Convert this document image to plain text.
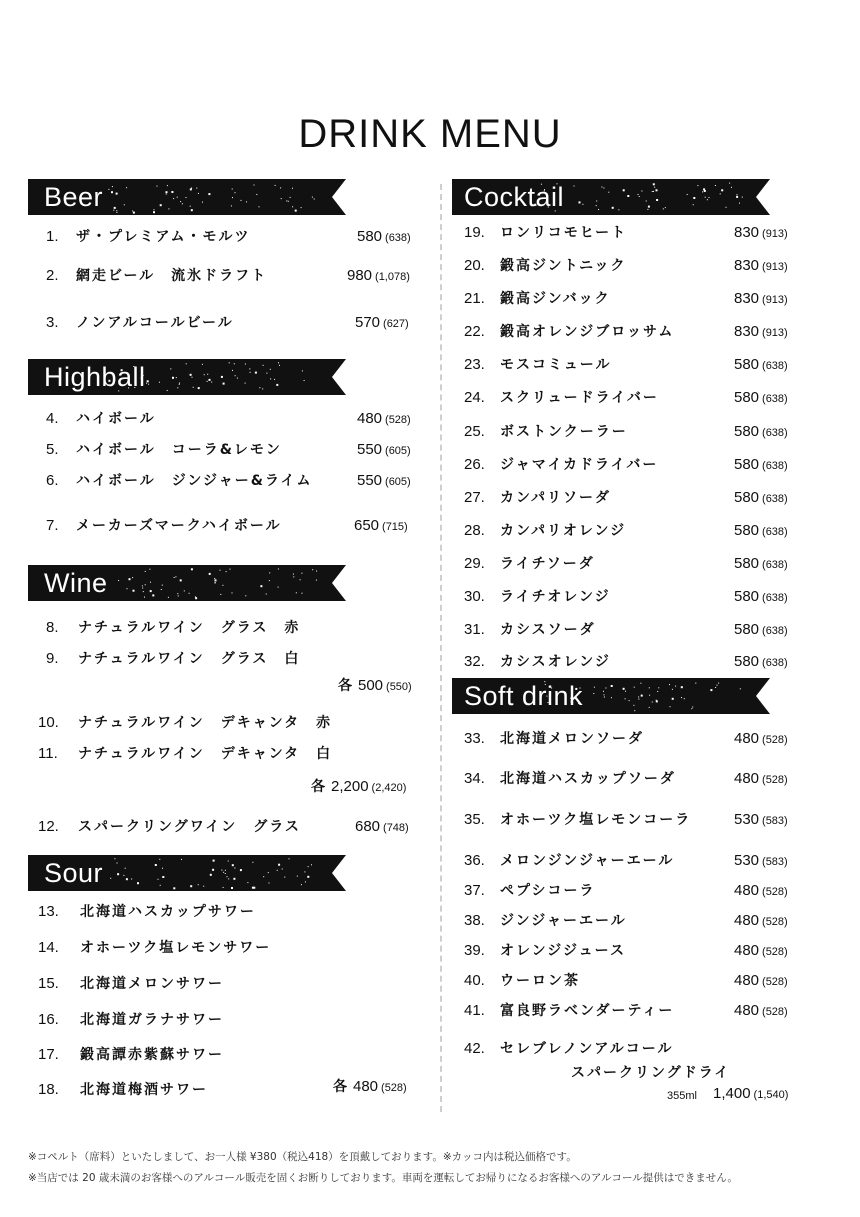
DRINK MENU
Beer
1. ザ・プレミアム・モルツ	580 (638)
2. 網走ビール　流氷ドラフト	980 (1,078)
3. ノンアルコールビール	570 (627)
Highball
4. ハイボール	480 (528)
5. ハイボール　コーラ&レモン	550 (605)
6. ハイボール　ジンジャー&ライム	550 (605)
7. メーカーズマークハイボール	650 (715)
Wine
8. ナチュラルワイン　グラス　赤
9. ナチュラルワイン　グラス　白
各 500 (550)
10. ナチュラルワイン　デキャンタ　赤
11. ナチュラルワイン　デキャンタ　白
各 2,200 (2,420)
12. スパークリングワイン　グラス	680 (748)
Sour
13. 北海道ハスカップサワー
14. オホーツク塩レモンサワー
15. 北海道メロンサワー
16. 北海道ガラナサワー
17. 鍛高譚赤紫蘇サワー
18. 北海道梅酒サワー	各 480 (528)
Cocktail
19. ロンリコモヒート	830 (913)
20. 鍛高ジントニック	830 (913)
21. 鍛高ジンバック	830 (913)
22. 鍛高オレンジブロッサム	830 (913)
23. モスコミュール	580 (638)
24. スクリュードライバー	580 (638)
25. ボストンクーラー	580 (638)
26. ジャマイカドライバー	580 (638)
27. カンパリソーダ	580 (638)
28. カンパリオレンジ	580 (638)
29. ライチソーダ	580 (638)
30. ライチオレンジ	580 (638)
31. カシスソーダ	580 (638)
32. カシスオレンジ	580 (638)
Soft drink
33. 北海道メロンソーダ	480 (528)
34. 北海道ハスカップソーダ	480 (528)
35. オホーツク塩レモンコーラ	530 (583)
36. メロンジンジャーエール	530 (583)
37. ペプシコーラ	480 (528)
38. ジンジャーエール	480 (528)
39. オレンジジュース	480 (528)
40. ウーロン茶	480 (528)
41. 富良野ラベンダーティー	480 (528)
42. セレブレノンアルコール
スパークリングドライ
355ml 1,400 (1,540)
※コペルト（席料）といたしまして、お一人様 ¥380（税込418）を頂戴しております。※カッコ内は税込価格です。
※当店では 20 歳未満のお客様へのアルコール販売を固くお断りしております。車両を運転してお帰りになるお客様へのアルコール提供はできません。
